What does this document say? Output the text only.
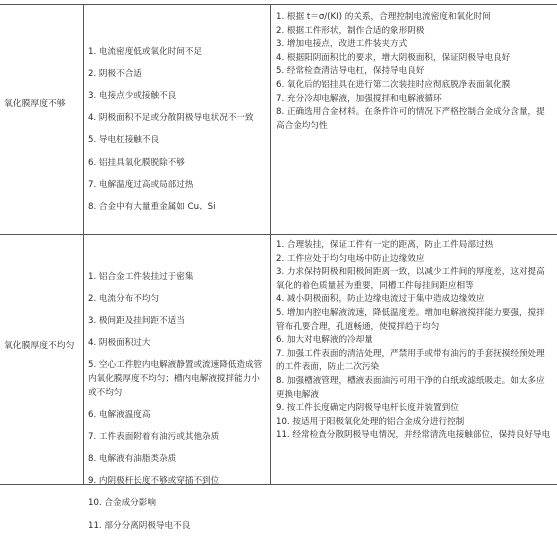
氧化膜厚度不够

1. 电流密度低或氧化时间不足

2. 阴极不合适

3. 电接点少或接触不良

4. 阴极面积不足或分散阴极导电状况不一致

5. 导电杠接触不良

6. 铝挂具氧化膜脱除不够

7. 电解温度过高或局部过热

8. 合金中有大量重金属如 Cu、Si

1. 根据 t＝σ/(KI) 的关系，合理控制电流密度和氧化时间

2. 根据工件形状，制作合适的象形阴极

3. 增加电接点，改进工件装夹方式

4. 根据阳阴面积比的要求，增大阴极面积，保证阴极导电良好

5. 经常检查清洁导电杠，保持导电良好

6. 氧化后的铝挂具在进行第二次装挂时应彻底脱净表面氧化膜

7. 充分冷却电解液，加强搅拌和电解液循环

8. 正确选用合金材料。在条件许可的情况下严格控制合金成分含量，提高合金均匀性

氧化膜厚度不均匀

1. 铝合金工件装挂过于密集

2. 电流分布不均匀

3. 极间距及挂间距不适当

4. 阴极面积过大

5. 空心工件腔内电解液静置或流速降低造成管内氧化膜厚度不均匀；槽内电解液搅拌能力小或不均匀

6. 电解液温度高

7. 工件表面附着有油污或其他杂质

8. 电解液有油脂类杂质

9. 内阴极杆长度不够或穿插不到位

10. 合金成分影响

11. 部分分离阴极导电不良

1. 合理装挂，保证工件有一定的距离，防止工件局部过热

2. 工件应处于均匀电场中防止边缘效应

3. 力求保持阴极和阳极间距离一致，以减少工件间的厚度差，这对提高氧化的着色质量甚为重要，同槽工件每挂间距应相等

4. 减小阴极面积，防止边缘电流过于集中造成边缘效应

5. 增加内腔电解液流速，降低温度差。增加电解液搅拌能力要强，搅拌管布孔要合理，孔道畅通，使搅拌趋于均匀

6. 加大对电解液的冷却量

7. 加强工件表面的清洁处理，严禁用手或带有油污的手套抚摸经预处理的工件表面，防止二次污染

8. 加强槽液管理，槽液表面油污可用干净的白纸或滤纸吸走。如太多应更换电解液

9. 按工件长度确定内阴极导电杆长度并装置到位

10. 按适用于阳极氧化处理的铝合金成分进行控制

11. 经常检查分散阴极导电情况，并经常清洗电接触部位，保持良好导电
